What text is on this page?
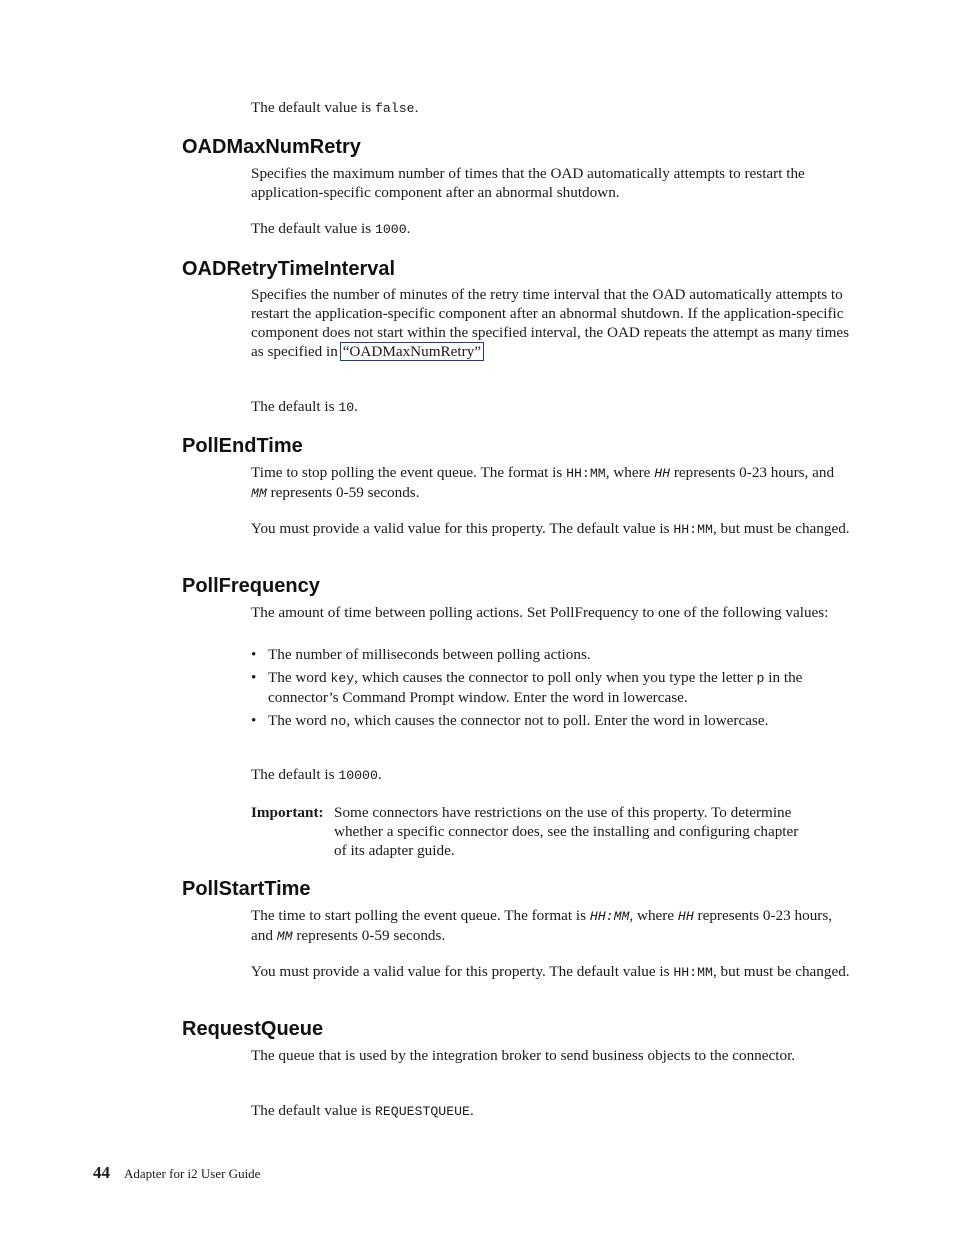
The default value is false.

OADMaxNumRetry

Specifies the maximum number of times that the OAD automatically attempts to restart the application-specific component after an abnormal shutdown.

The default value is 1000.

OADRetryTimeInterval

Specifies the number of minutes of the retry time interval that the OAD automatically attempts to restart the application-specific component after an abnormal shutdown. If the application-specific component does not start within the specified interval, the OAD repeats the attempt as many times as specified in “OADMaxNumRetry”

The default is 10.

PollEndTime

Time to stop polling the event queue. The format is HH:MM, where HH represents 0-23 hours, and MM represents 0-59 seconds.

You must provide a valid value for this property. The default value is HH:MM, but must be changed.

PollFrequency

The amount of time between polling actions. Set PollFrequency to one of the following values:

• The number of milliseconds between polling actions.
• The word key, which causes the connector to poll only when you type the letter p in the connector’s Command Prompt window. Enter the word in lowercase.
• The word no, which causes the connector not to poll. Enter the word in lowercase.

The default is 10000.

Important: Some connectors have restrictions on the use of this property. To determine whether a specific connector does, see the installing and configuring chapter of its adapter guide.

PollStartTime

The time to start polling the event queue. The format is HH:MM, where HH represents 0-23 hours, and MM represents 0-59 seconds.

You must provide a valid value for this property. The default value is HH:MM, but must be changed.

RequestQueue

The queue that is used by the integration broker to send business objects to the connector.

The default value is REQUESTQUEUE.

44 Adapter for i2 User Guide
